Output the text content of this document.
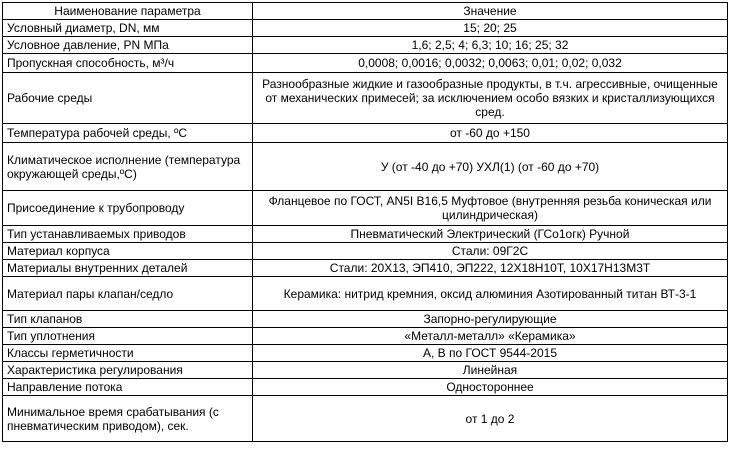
Наименование параметра	Значение
Условный диаметр, DN, мм	15; 20; 25
Условное давление, PN МПа	1,6; 2,5; 4; 6,3; 10; 16; 25; 32
Пропускная способность, м³/ч	0,0008; 0,0016; 0,0032; 0,0063; 0,01; 0,02; 0,032
Рабочие среды	Разнообразные жидкие и газообразные продукты, в т.ч. агрессивные, очищенные от механических примесей; за исключением особо вязких и кристаллизующихся сред.
Температура рабочей среды, ºС	от -60 до +150
Климатическое исполнение (температура окружающей среды,ºС)	У (от -40 до +70) УХЛ(1) (от -60 до +70)
Присоединение к трубопроводу	Фланцевое по ГОСТ, AN5I В16,5 Муфтовое (внутренняя резьба коническая или цилиндрическая)
Тип устанавливаемых приводов	Пневматический Электрический (ГСо1огк) Ручной
Материал корпуса	Стали: 09Г2С
Материалы внутренних деталей	Стали: 20Х13, ЭП410, ЭП222, 12Х18Н10Т, 10Х17Н13М3Т
Материал пары клапан/седло	Керамика: нитрид кремния, оксид алюминия Азотированный титан ВТ-3-1
Тип клапанов	Запорно-регулирующие
Тип уплотнения	«Металл-металл» «Керамика»
Классы герметичности	А, В по ГОСТ 9544-2015
Характеристика регулирования	Линейная
Направление потока	Одностороннее
Минимальное время срабатывания (с пневматическим приводом), сек.	от 1 до 2
